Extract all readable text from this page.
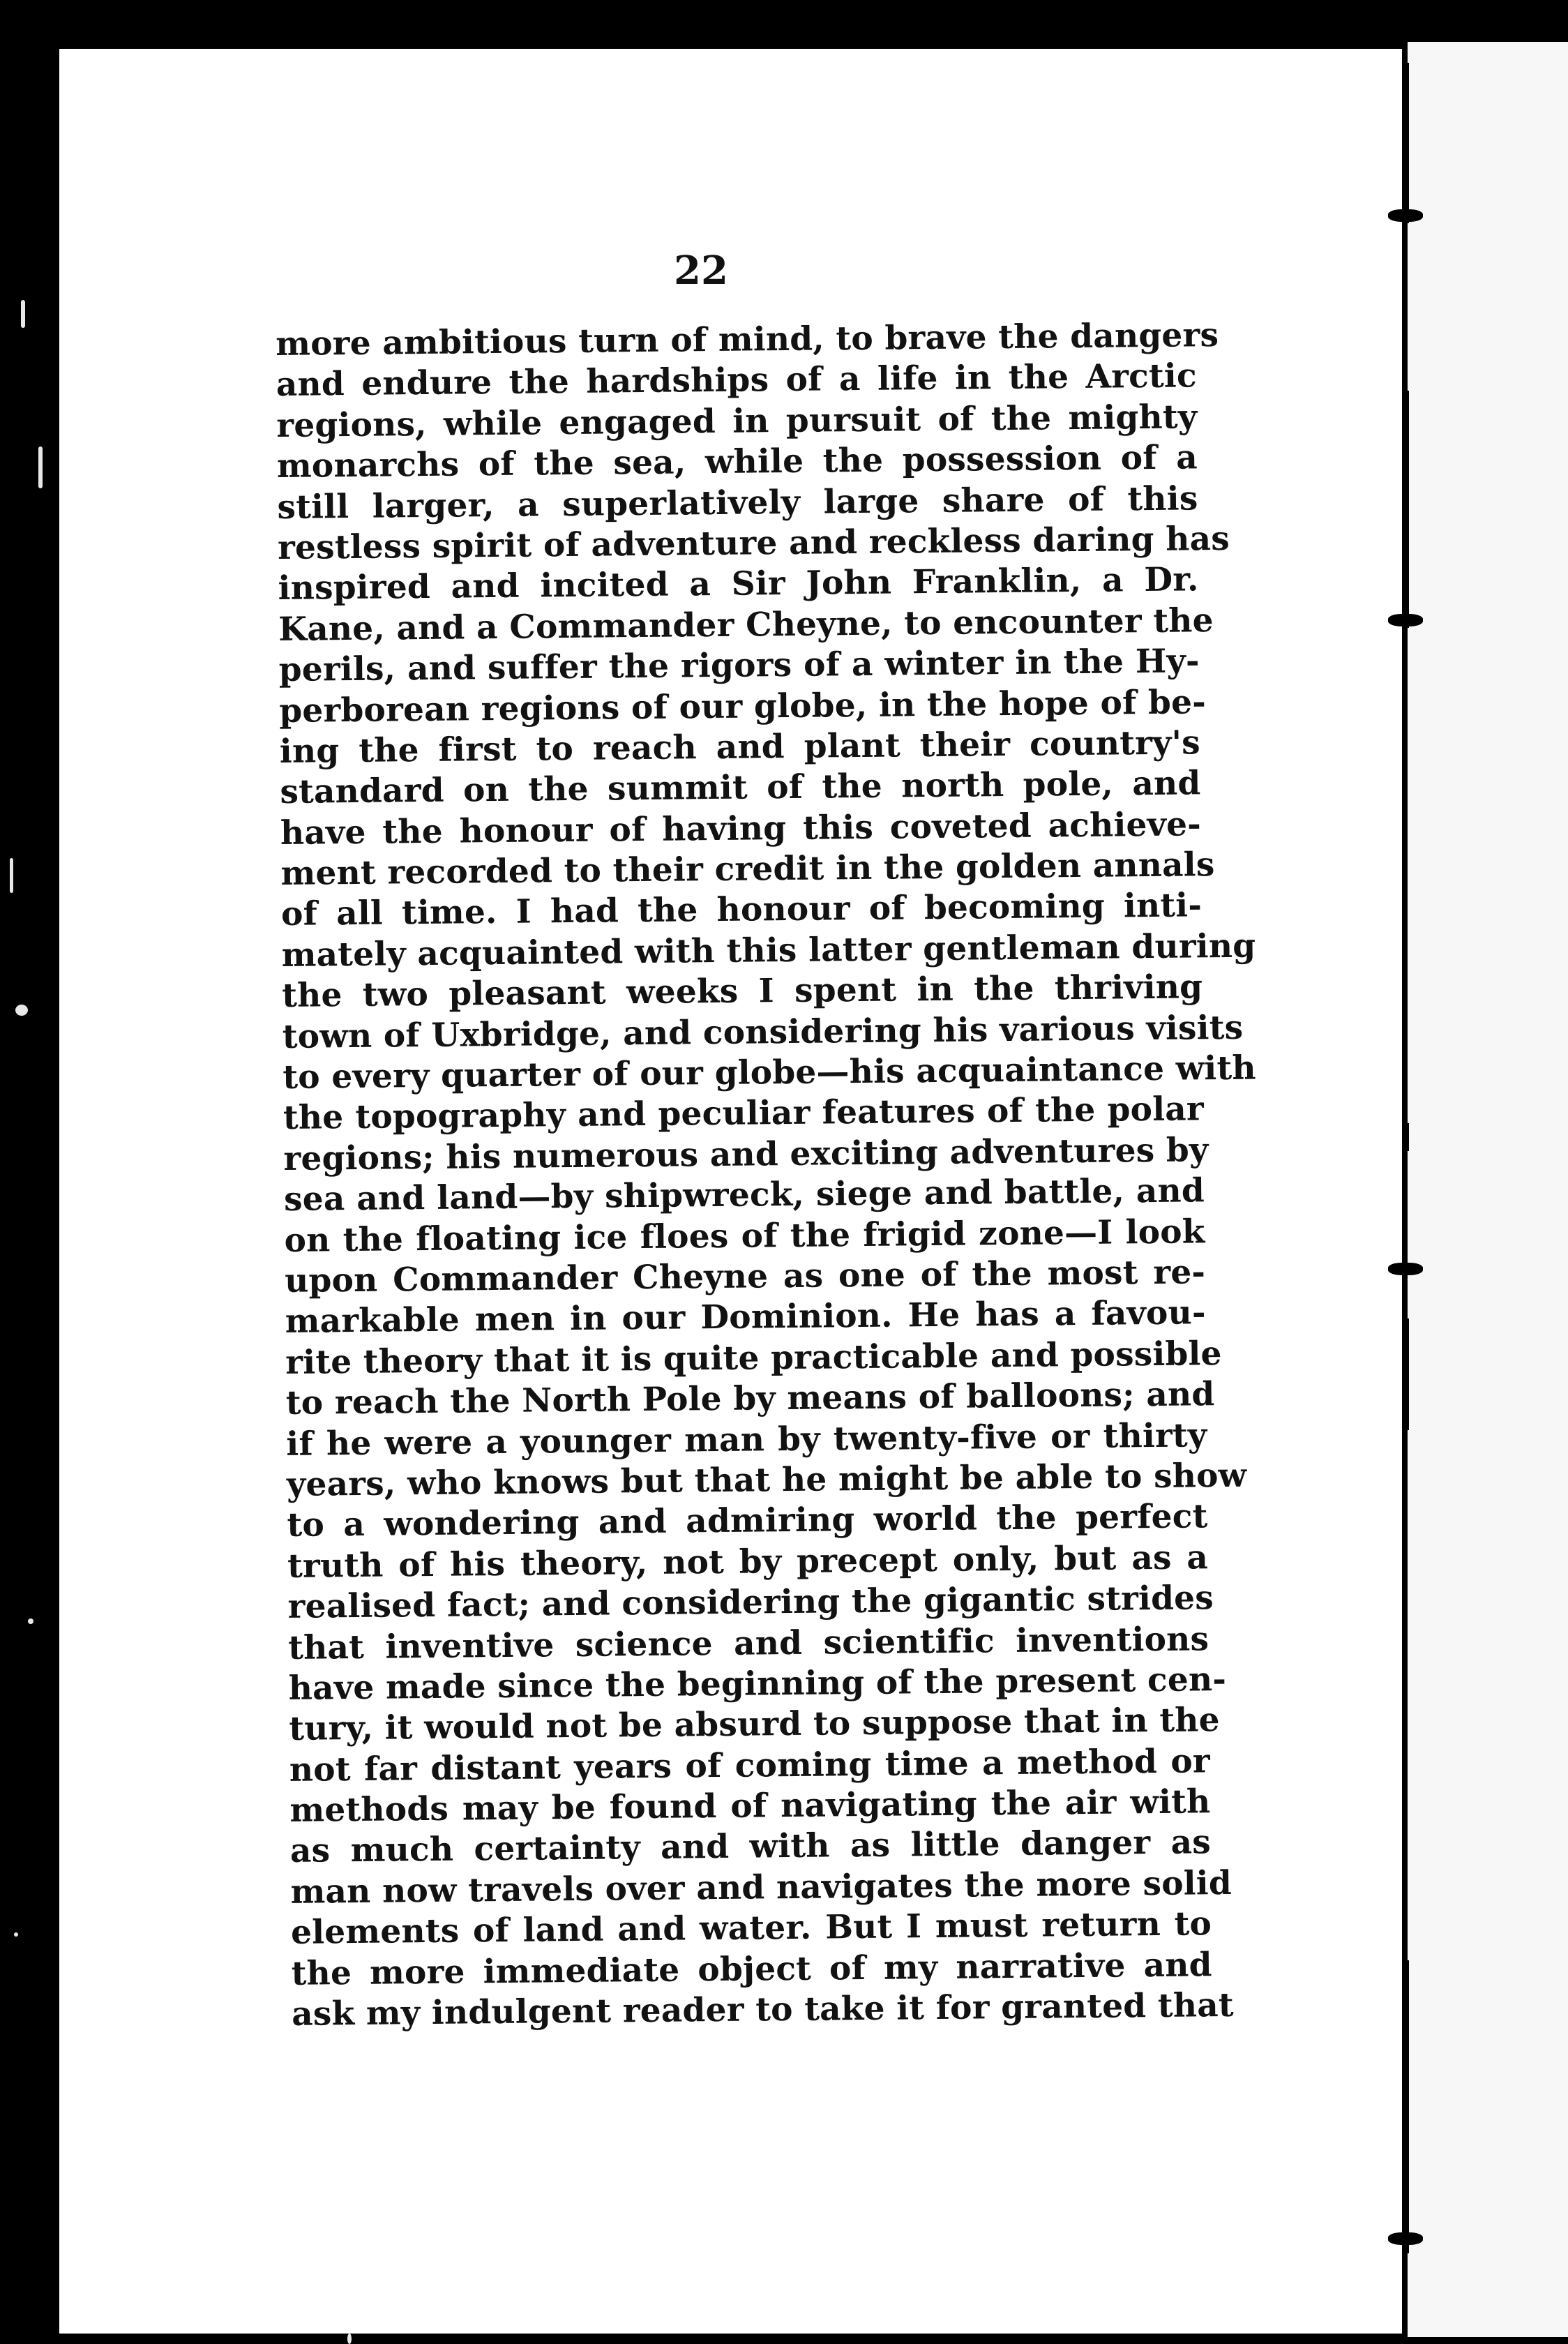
22
more ambitious turn of mind, to brave the dangers
and endure the hardships of a life in the Arctic
regions, while engaged in pursuit of the mighty
monarchs of the sea, while the possession of a
still larger, a superlatively large share of this
restless spirit of adventure and reckless daring has
inspired and incited a Sir John Franklin, a Dr.
Kane, and a Commander Cheyne, to encounter the
perils, and suffer the rigors of a winter in the Hy-
perborean regions of our globe, in the hope of be-
ing the first to reach and plant their country's
standard on the summit of the north pole, and
have the honour of having this coveted achieve-
ment recorded to their credit in the golden annals
of all time. I had the honour of becoming inti-
mately acquainted with this latter gentleman during
the two pleasant weeks I spent in the thriving
town of Uxbridge, and considering his various visits
to every quarter of our globe—his acquaintance with
the topography and peculiar features of the polar
regions; his numerous and exciting adventures by
sea and land—by shipwreck, siege and battle, and
on the floating ice floes of the frigid zone—I look
upon Commander Cheyne as one of the most re-
markable men in our Dominion. He has a favou-
rite theory that it is quite practicable and possible
to reach the North Pole by means of balloons; and
if he were a younger man by twenty-five or thirty
years, who knows but that he might be able to show
to a wondering and admiring world the perfect
truth of his theory, not by precept only, but as a
realised fact; and considering the gigantic strides
that inventive science and scientific inventions
have made since the beginning of the present cen-
tury, it would not be absurd to suppose that in the
not far distant years of coming time a method or
methods may be found of navigating the air with
as much certainty and with as little danger as
man now travels over and navigates the more solid
elements of land and water. But I must return to
the more immediate object of my narrative and
ask my indulgent reader to take it for granted that
